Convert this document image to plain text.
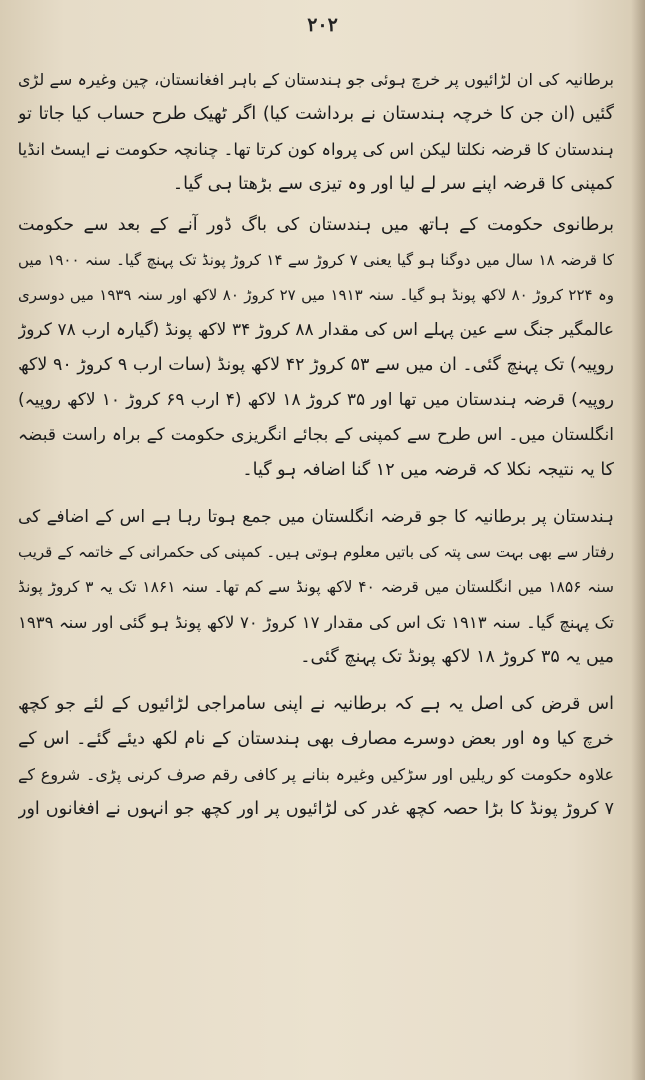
۲۰۲
برطانیہ کی ان لڑائیوں پر خرچ ہوئی جو ہندستان کے باہر افغانستان، چین وغیرہ سے لڑی
گئیں (ان جن کا خرچہ ہندستان نے برداشت کیا) اگر ٹھیک طرح حساب کیا جاتا تو
ہندستان کا قرضہ نکلتا لیکن اس کی پرواہ کون کرتا تھا۔ چنانچہ حکومت نے ایسٹ انڈیا
کمپنی کا قرضہ اپنے سر لے لیا اور وہ تیزی سے بڑھتا ہی گیا۔
برطانوی حکومت کے ہاتھ میں ہندستان کی باگ ڈور آنے کے بعد سے حکومت
کا قرضہ ۱۸ سال میں دوگنا ہو گیا یعنی ۷ کروڑ سے ۱۴ کروڑ پونڈ تک پہنچ گیا۔ سنہ ۱۹۰۰ میں
وہ ۲۲۴ کروڑ ۸۰ لاکھ پونڈ ہو گیا۔ سنہ ۱۹۱۳ میں ۲۷ کروڑ ۸۰ لاکھ اور سنہ ۱۹۳۹ میں دوسری
عالمگیر جنگ سے عین پہلے اس کی مقدار ۸۸ کروڑ ۳۴ لاکھ پونڈ (گیارہ ارب ۷۸ کروڑ
روپیہ) تک پہنچ گئی۔ ان میں سے ۵۳ کروڑ ۴۲ لاکھ پونڈ (سات ارب ۹ کروڑ ۹۰ لاکھ
روپیہ) قرضہ ہندستان میں تھا اور ۳۵ کروڑ ۱۸ لاکھ (۴ ارب ۶۹ کروڑ ۱۰ لاکھ روپیہ)
انگلستان میں۔ اس طرح سے کمپنی کے بجائے انگریزی حکومت کے براہ راست قبضہ
کا یہ نتیجہ نکلا کہ قرضہ میں ۱۲ گنا اضافہ ہو گیا۔
ہندستان پر برطانیہ کا جو قرضہ انگلستان میں جمع ہوتا رہا ہے اس کے اضافے کی
رفتار سے بھی بہت سی پتہ کی باتیں معلوم ہوتی ہیں۔ کمپنی کی حکمرانی کے خاتمہ کے قریب
سنہ ۱۸۵۶ میں انگلستان میں قرضہ ۴۰ لاکھ پونڈ سے کم تھا۔ سنہ ۱۸۶۱ تک یہ ۳ کروڑ پونڈ
تک پہنچ گیا۔ سنہ ۱۹۱۳ تک اس کی مقدار ۱۷ کروڑ ۷۰ لاکھ پونڈ ہو گئی اور سنہ ۱۹۳۹
میں یہ ۳۵ کروڑ ۱۸ لاکھ پونڈ تک پہنچ گئی۔
اس قرض کی اصل یہ ہے کہ برطانیہ نے اپنی سامراجی لڑائیوں کے لئے جو کچھ
خرچ کیا وہ اور بعض دوسرے مصارف بھی ہندستان کے نام لکھ دیئے گئے۔ اس کے
علاوہ حکومت کو ریلیں اور سڑکیں وغیرہ بنانے پر کافی رقم صرف کرنی پڑی۔ شروع کے
۷ کروڑ پونڈ کا بڑا حصہ کچھ غدر کی لڑائیوں پر اور کچھ جو انہوں نے افغانوں اور
